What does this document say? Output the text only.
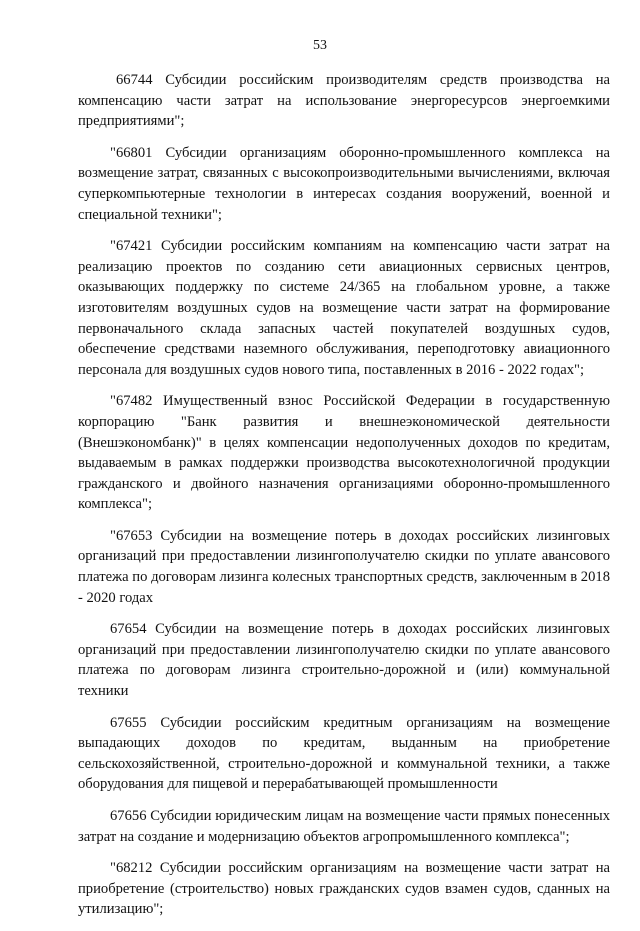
53

66744 Субсидии российским производителям средств производства на компенсацию части затрат на использование энергоресурсов энергоемкими предприятиями";

"66801 Субсидии организациям оборонно-промышленного комплекса на возмещение затрат, связанных с высокопроизводительными вычислениями, включая суперкомпьютерные технологии в интересах создания вооружений, военной и специальной техники";

"67421 Субсидии российским компаниям на компенсацию части затрат на реализацию проектов по созданию сети авиационных сервисных центров, оказывающих поддержку по системе 24/365 на глобальном уровне, а также изготовителям воздушных судов на возмещение части затрат на формирование первоначального склада запасных частей покупателей воздушных судов, обеспечение средствами наземного обслуживания, переподготовку авиационного персонала для воздушных судов нового типа, поставленных в 2016 - 2022 годах";

"67482 Имущественный взнос Российской Федерации в государственную корпорацию "Банк развития и внешнеэкономической деятельности (Внешэкономбанк)" в целях компенсации недополученных доходов по кредитам, выдаваемым в рамках поддержки производства высокотехнологичной продукции гражданского и двойного назначения организациями оборонно-промышленного комплекса";

"67653 Субсидии на возмещение потерь в доходах российских лизинговых организаций при предоставлении лизингополучателю скидки по уплате авансового платежа по договорам лизинга колесных транспортных средств, заключенным в 2018 - 2020 годах

67654 Субсидии на возмещение потерь в доходах российских лизинговых организаций при предоставлении лизингополучателю скидки по уплате авансового платежа по договорам лизинга строительно-дорожной и (или) коммунальной техники

67655 Субсидии российским кредитным организациям на возмещение выпадающих доходов по кредитам, выданным на приобретение сельскохозяйственной, строительно-дорожной и коммунальной техники, а также оборудования для пищевой и перерабатывающей промышленности

67656 Субсидии юридическим лицам на возмещение части прямых понесенных затрат на создание и модернизацию объектов агропромышленного комплекса";

"68212 Субсидии российским организациям на возмещение части затрат на приобретение (строительство) новых гражданских судов взамен судов, сданных на утилизацию";
